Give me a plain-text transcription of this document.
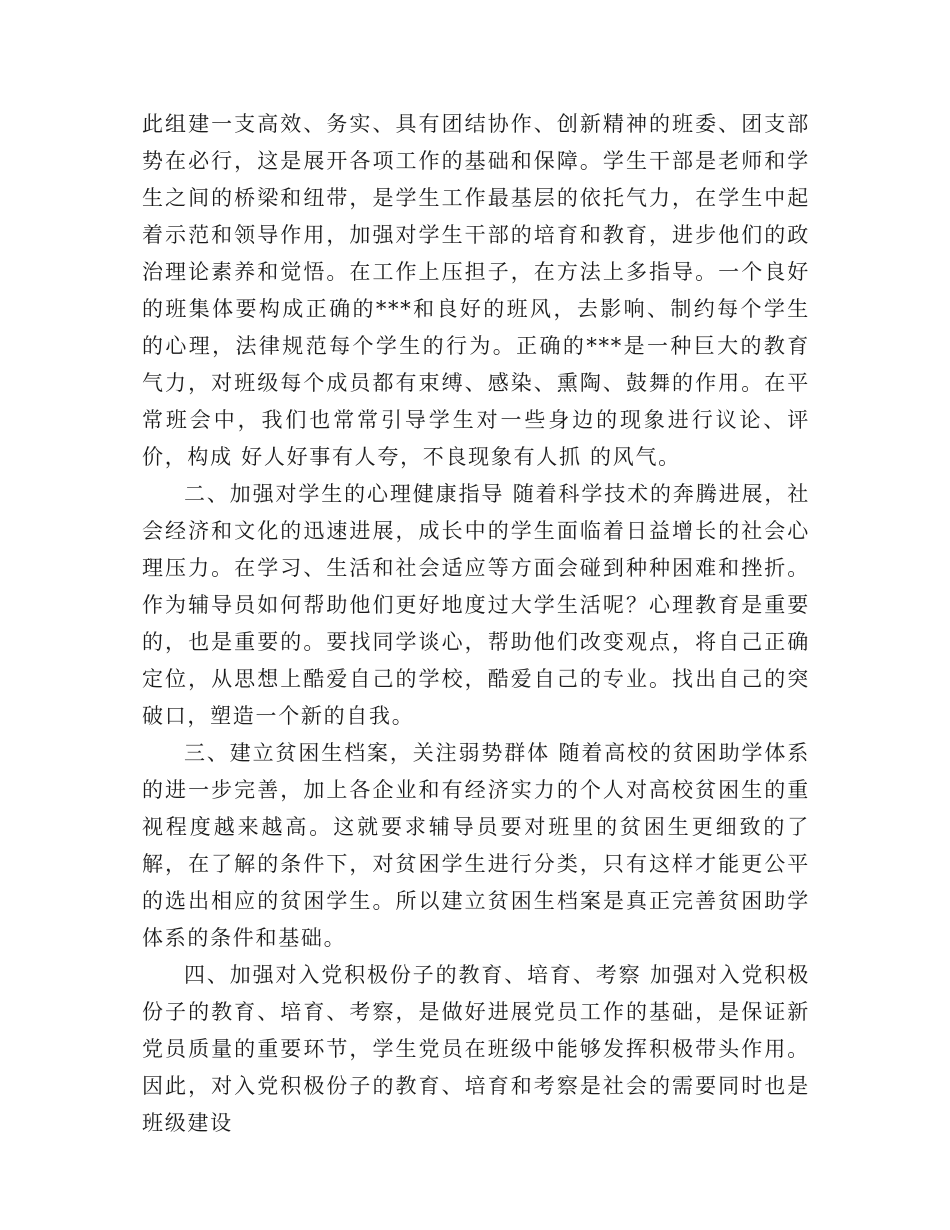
此组建一支高效、务实、具有团结协作、创新精神的班委、团支部势在必行，这是展开各项工作的基础和保障。学生干部是老师和学生之间的桥梁和纽带，是学生工作最基层的依托气力，在学生中起着示范和领导作用，加强对学生干部的培育和教育，进步他们的政治理论素养和觉悟。在工作上压担子，在方法上多指导。一个良好的班集体要构成正确的***和良好的班风，去影响、制约每个学生的心理，法律规范每个学生的行为。正确的***是一种巨大的教育气力，对班级每个成员都有束缚、感染、熏陶、鼓舞的作用。在平常班会中，我们也常常引导学生对一些身边的现象进行议论、评价，构成 好人好事有人夸，不良现象有人抓 的风气。

二、加强对学生的心理健康指导 随着科学技术的奔腾进展，社会经济和文化的迅速进展，成长中的学生面临着日益增长的社会心理压力。在学习、生活和社会适应等方面会碰到种种困难和挫折。作为辅导员如何帮助他们更好地度过大学生活呢？心理教育是重要的，也是重要的。要找同学谈心，帮助他们改变观点，将自己正确定位，从思想上酷爱自己的学校，酷爱自己的专业。找出自己的突破口，塑造一个新的自我。

三、建立贫困生档案，关注弱势群体 随着高校的贫困助学体系的进一步完善，加上各企业和有经济实力的个人对高校贫困生的重视程度越来越高。这就要求辅导员要对班里的贫困生更细致的了解，在了解的条件下，对贫困学生进行分类，只有这样才能更公平的选出相应的贫困学生。所以建立贫困生档案是真正完善贫困助学体系的条件和基础。

四、加强对入党积极份子的教育、培育、考察 加强对入党积极份子的教育、培育、考察，是做好进展党员工作的基础，是保证新党员质量的重要环节，学生党员在班级中能够发挥积极带头作用。因此，对入党积极份子的教育、培育和考察是社会的需要同时也是班级建设
